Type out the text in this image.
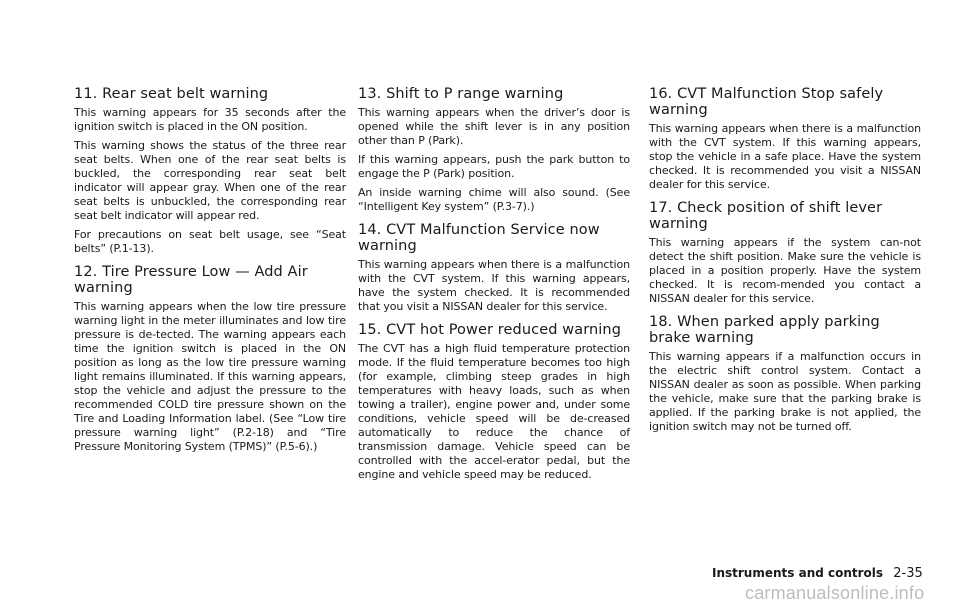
11. Rear seat belt warning

This warning appears for 35 seconds after the ignition switch is placed in the ON position.

This warning shows the status of the three rear seat belts. When one of the rear seat belts is buckled, the corresponding rear seat belt indicator will appear gray. When one of the rear seat belts is unbuckled, the corresponding rear seat belt indicator will appear red.

For precautions on seat belt usage, see “Seat belts” (P.1-13).

12. Tire Pressure Low — Add Air warning

This warning appears when the low tire pressure warning light in the meter illuminates and low tire pressure is de-tected. The warning appears each time the ignition switch is placed in the ON position as long as the low tire pressure warning light remains illuminated. If this warning appears, stop the vehicle and adjust the pressure to the recommended COLD tire pressure shown on the Tire and Loading Information label. (See “Low tire pressure warning light” (P.2-18) and “Tire Pressure Monitoring System (TPMS)” (P.5-6).)

13. Shift to P range warning

This warning appears when the driver’s door is opened while the shift lever is in any position other than P (Park).

If this warning appears, push the park button to engage the P (Park) position.

An inside warning chime will also sound. (See “Intelligent Key system” (P.3-7).)

14. CVT Malfunction Service now warning

This warning appears when there is a malfunction with the CVT system. If this warning appears, have the system checked. It is recommended that you visit a NISSAN dealer for this service.

15. CVT hot Power reduced warning

The CVT has a high fluid temperature protection mode. If the fluid temperature becomes too high (for example, climbing steep grades in high temperatures with heavy loads, such as when towing a trailer), engine power and, under some conditions, vehicle speed will be de-creased automatically to reduce the chance of transmission damage. Vehicle speed can be controlled with the accel-erator pedal, but the engine and vehicle speed may be reduced.

16. CVT Malfunction Stop safely warning

This warning appears when there is a malfunction with the CVT system. If this warning appears, stop the vehicle in a safe place. Have the system checked. It is recommended you visit a NISSAN dealer for this service.

17. Check position of shift lever warning

This warning appears if the system can-not detect the shift position. Make sure the vehicle is placed in a position properly. Have the system checked. It is recom-mended you contact a NISSAN dealer for this service.

18. When parked apply parking brake warning

This warning appears if a malfunction occurs in the electric shift control system. Contact a NISSAN dealer as soon as possible. When parking the vehicle, make sure that the parking brake is applied. If the parking brake is not applied, the ignition switch may not be turned off.

Instruments and controls 2-35
carmanualsonline.info
